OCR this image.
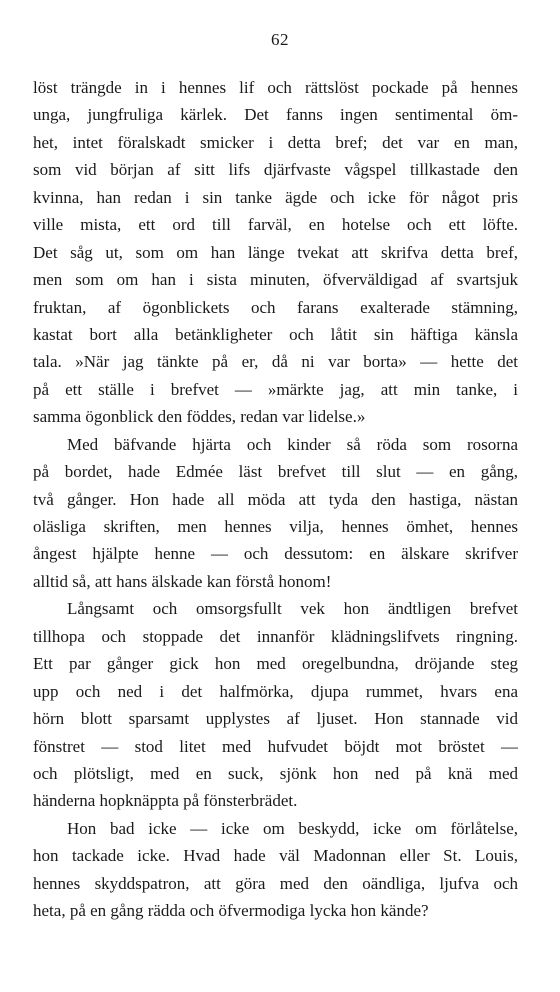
62
löst trängde in i hennes lif och rättslöst pockade på hennes
unga, jungfruliga kärlek. Det fanns ingen sentimental öm-
het, intet föralskadt smicker i detta bref; det var en man,
som vid början af sitt lifs djärfvaste vågspel tillkastade den
kvinna, han redan i sin tanke ägde och icke för något pris
ville mista, ett ord till farväl, en hotelse och ett löfte.
Det såg ut, som om han länge tvekat att skrifva detta bref,
men som om han i sista minuten, öfverväldigad af svartsjuk
fruktan, af ögonblickets och farans exalterade stämning,
kastat bort alla betänkligheter och låtit sin häftiga känsla
tala. »När jag tänkte på er, då ni var borta» — hette det
på ett ställe i brefvet — »märkte jag, att min tanke, i
samma ögonblick den föddes, redan var lidelse.»
Med bäfvande hjärta och kinder så röda som rosorna
på bordet, hade Edmée läst brefvet till slut — en gång,
två gånger. Hon hade all möda att tyda den hastiga, nästan
oläsliga skriften, men hennes vilja, hennes ömhet, hennes
ångest hjälpte henne — och dessutom: en älskare skrifver
alltid så, att hans älskade kan förstå honom!
Långsamt och omsorgsfullt vek hon ändtligen brefvet
tillhopa och stoppade det innanför klädningslifvets ringning.
Ett par gånger gick hon med oregelbundna, dröjande steg
upp och ned i det halfmörka, djupa rummet, hvars ena
hörn blott sparsamt upplystes af ljuset. Hon stannade vid
fönstret — stod litet med hufvudet böjdt mot bröstet —
och plötsligt, med en suck, sjönk hon ned på knä med
händerna hopknäppta på fönsterbrädet.
Hon bad icke — icke om beskydd, icke om förlåtelse,
hon tackade icke. Hvad hade väl Madonnan eller St. Louis,
hennes skyddspatron, att göra med den oändliga, ljufva och
heta, på en gång rädda och öfvermodiga lycka hon kände?
